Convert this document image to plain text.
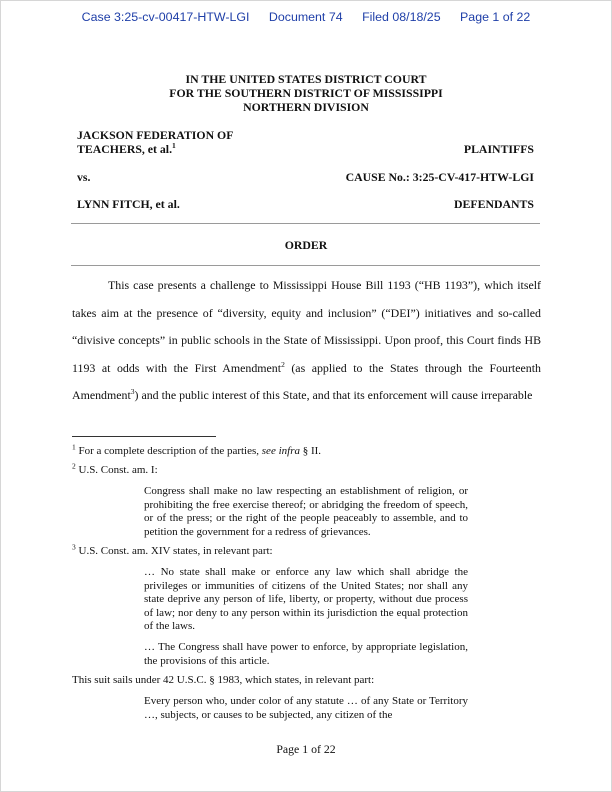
Case 3:25-cv-00417-HTW-LGI Document 74 Filed 08/18/25 Page 1 of 22
IN THE UNITED STATES DISTRICT COURT
FOR THE SOUTHERN DISTRICT OF MISSISSIPPI
NORTHERN DIVISION
JACKSON FEDERATION OF
TEACHERS, et al.$^1$	PLAINTIFFS
vs.	CAUSE No.: 3:25-CV-417-HTW-LGI
LYNN FITCH, et al.	DEFENDANTS
ORDER

This case presents a challenge to Mississippi House Bill 1193 (“HB 1193”), which itself takes aim at the presence of “diversity, equity and inclusion” (“DEI”) initiatives and so-called “divisive concepts” in public schools in the State of Mississippi. Upon proof, this Court finds HB 1193 at odds with the First Amendment$^2$ (as applied to the States through the Fourteenth Amendment$^3$) and the public interest of this State, and that its enforcement will cause irreparable

$^1$ For a complete description of the parties, see infra § II.
$^2$ U.S. Const. am. I:
Congress shall make no law respecting an establishment of religion, or prohibiting the free exercise thereof; or abridging the freedom of speech, or of the press; or the right of the people peaceably to assemble, and to petition the government for a redress of grievances.
$^3$ U.S. Const. am. XIV states, in relevant part:
… No state shall make or enforce any law which shall abridge the privileges or immunities of citizens of the United States; nor shall any state deprive any person of life, liberty, or property, without due process of law; nor deny to any person within its jurisdiction the equal protection of the laws.
… The Congress shall have power to enforce, by appropriate legislation, the provisions of this article.
This suit sails under 42 U.S.C. § 1983, which states, in relevant part:
Every person who, under color of any statute … of any State or Territory …, subjects, or causes to be subjected, any citizen of the
Page 1 of 22
